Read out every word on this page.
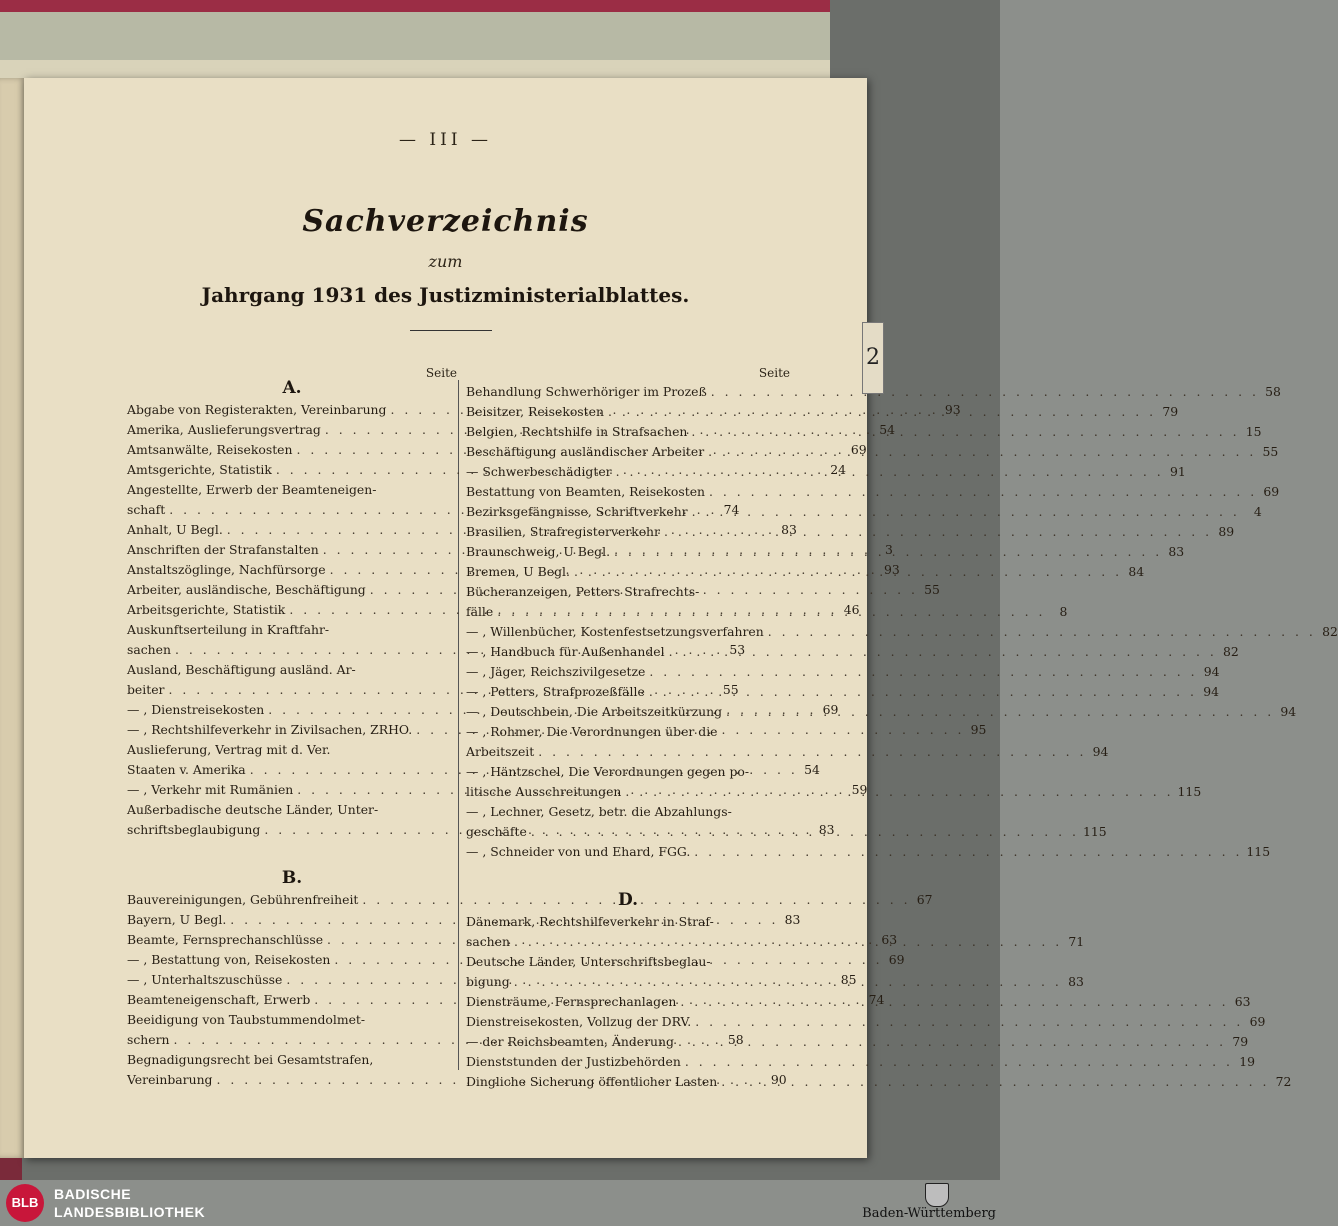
2
— III —
Sachverzeichnis
zum
Jahrgang 1931 des Justizministerialblattes.
Seite
A.
Abgabe von Registerakten, Vereinbarung . . .	93
Amerika, Auslieferungsvertrag . . .	54
Amtsanwälte, Reisekosten . . .	69
Amtsgerichte, Statistik . . .	24
Angestellte, Erwerb der Beamteneigen-
schaft . . .	74
Anhalt, U Begl. . . .	83
Anschriften der Strafanstalten . . .	3
Anstaltszöglinge, Nachfürsorge . . .	93
Arbeiter, ausländische, Beschäftigung . . .	55
Arbeitsgerichte, Statistik . . .	46
Auskunftserteilung in Kraftfahr-
sachen . . .	53
Ausland, Beschäftigung ausländ. Ar-
beiter . . .	55
— , Dienstreisekosten . . .	69
— , Rechtshilfeverkehr in Zivilsachen, ZRHO. . . .	95
Auslieferung, Vertrag mit d. Ver.
Staaten v. Amerika . . .	54
— , Verkehr mit Rumänien . . .	59
Außerbadische deutsche Länder, Unter-
schriftsbeglaubigung . . .	83
B.
Bauvereinigungen, Gebührenfreiheit . . .	67
Bayern, U Begl. . . .	83
Beamte, Fernsprechanschlüsse . . .	63
— , Bestattung von, Reisekosten . . .	69
— , Unterhaltszuschüsse . . .	85
Beamteneigenschaft, Erwerb . . .	74
Beeidigung von Taubstummendolmet-
schern . . .	58
Begnadigungsrecht bei Gesamtstrafen,
Vereinbarung . . .	90
Seite
Behandlung Schwerhöriger im Prozeß . . .	58
Beisitzer, Reisekosten . . .	79
Belgien, Rechtshilfe in Strafsachen . . .	15
Beschäftigung ausländischer Arbeiter . . .	55
— Schwerbeschädigter . . .	91
Bestattung von Beamten, Reisekosten . . .	69
Bezirksgefängnisse, Schriftverkehr . . .	4
Brasilien, Strafregisterverkehr . . .	89
Braunschweig, U Begl. . . .	83
Bremen, U Begl. . . .	84
Bücheranzeigen, Petters Strafrechts-
fälle . . .	8
— , Willenbücher, Kostenfestsetzungsverfahren . . .	82
— , Handbuch für Außenhandel . . .	82
— , Jäger, Reichszivilgesetze . . .	94
— , Petters, Strafprozeßfälle . . .	94
— , Deutschbein, Die Arbeitszeitkürzung . . .	94
— , Rohmer, Die Verordnungen über die
Arbeitszeit . . .	94
— , Häntzschel, Die Verordnungen gegen po-
litische Ausschreitungen . . .	115
— , Lechner, Gesetz, betr. die Abzahlungs-
geschäfte . . .	115
— , Schneider von und Ehard, FGG. . . .	115
D.
Dänemark, Rechtshilfeverkehr in Straf-
sachen . . .	71
Deutsche Länder, Unterschriftsbeglau-
bigung . . .	83
Diensträume, Fernsprechanlagen . . .	63
Dienstreisekosten, Vollzug der DRV. . . .	69
— der Reichsbeamten, Änderung . . .	79
Dienststunden der Justizbehörden . . .	19
Dingliche Sicherung öffentlicher Lasten . . .	72
BLB
BADISCHE
LANDESBIBLIOTHEK	Baden-Württemberg
